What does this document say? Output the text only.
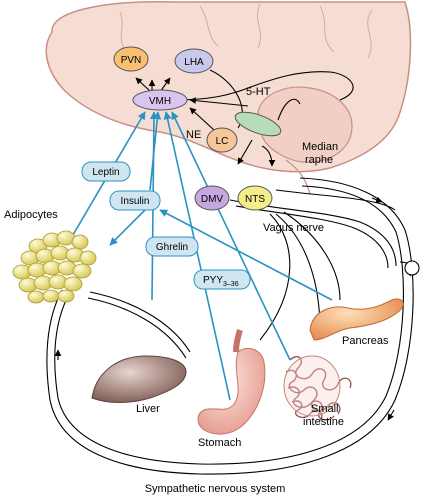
PVN	LHA
VMH
LC
DMV NTS
5-HT
NE
Median
raphe
Vagus nerve
Leptin
Insulin
Ghrelin
$PYY_{3-36}$
Adipocytes
Pancreas
Liver
Stomach
Small
intestine
Sympathetic nervous system
